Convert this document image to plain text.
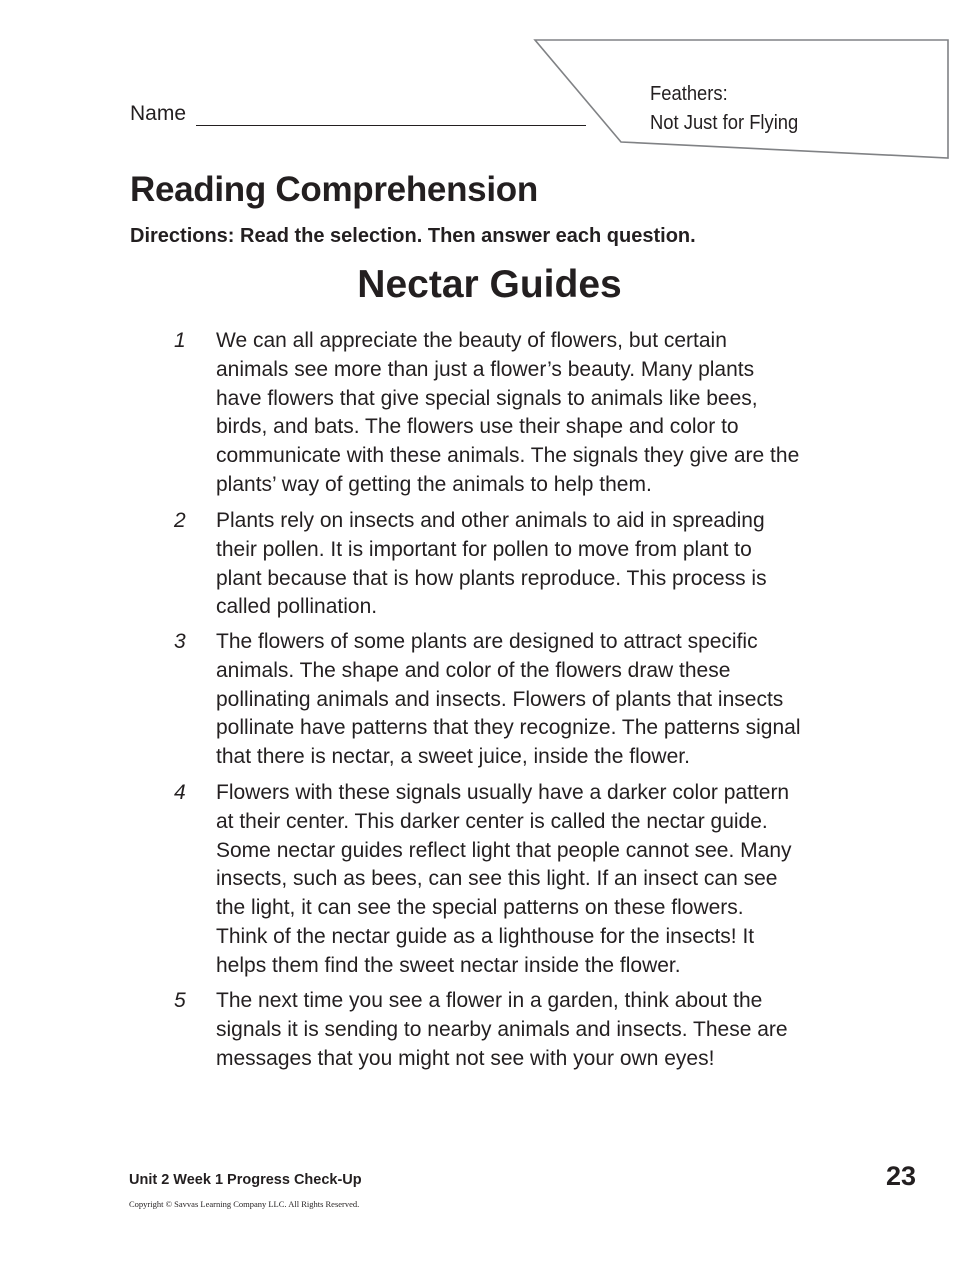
Feathers:
Not Just for Flying
Name
Reading Comprehension

Directions: Read the selection. Then answer each question.

Nectar Guides
1 We can all appreciate the beauty of flowers, but certain
animals see more than just a flower’s beauty. Many plants
have flowers that give special signals to animals like bees,
birds, and bats. The flowers use their shape and color to
communicate with these animals. The signals they give are the
plants’ way of getting the animals to help them.
2 Plants rely on insects and other animals to aid in spreading
their pollen. It is important for pollen to move from plant to
plant because that is how plants reproduce. This process is
called pollination.
3 The flowers of some plants are designed to attract specific
animals. The shape and color of the flowers draw these
pollinating animals and insects. Flowers of plants that insects
pollinate have patterns that they recognize. The patterns signal
that there is nectar, a sweet juice, inside the flower.
4 Flowers with these signals usually have a darker color pattern
at their center. This darker center is called the nectar guide.
Some nectar guides reflect light that people cannot see. Many
insects, such as bees, can see this light. If an insect can see
the light, it can see the special patterns on these flowers.
Think of the nectar guide as a lighthouse for the insects! It
helps them find the sweet nectar inside the flower.
5 The next time you see a flower in a garden, think about the
signals it is sending to nearby animals and insects. These are
messages that you might not see with your own eyes!
Unit 2 Week 1 Progress Check-Up
Copyright © Savvas Learning Company LLC. All Rights Reserved.
23
